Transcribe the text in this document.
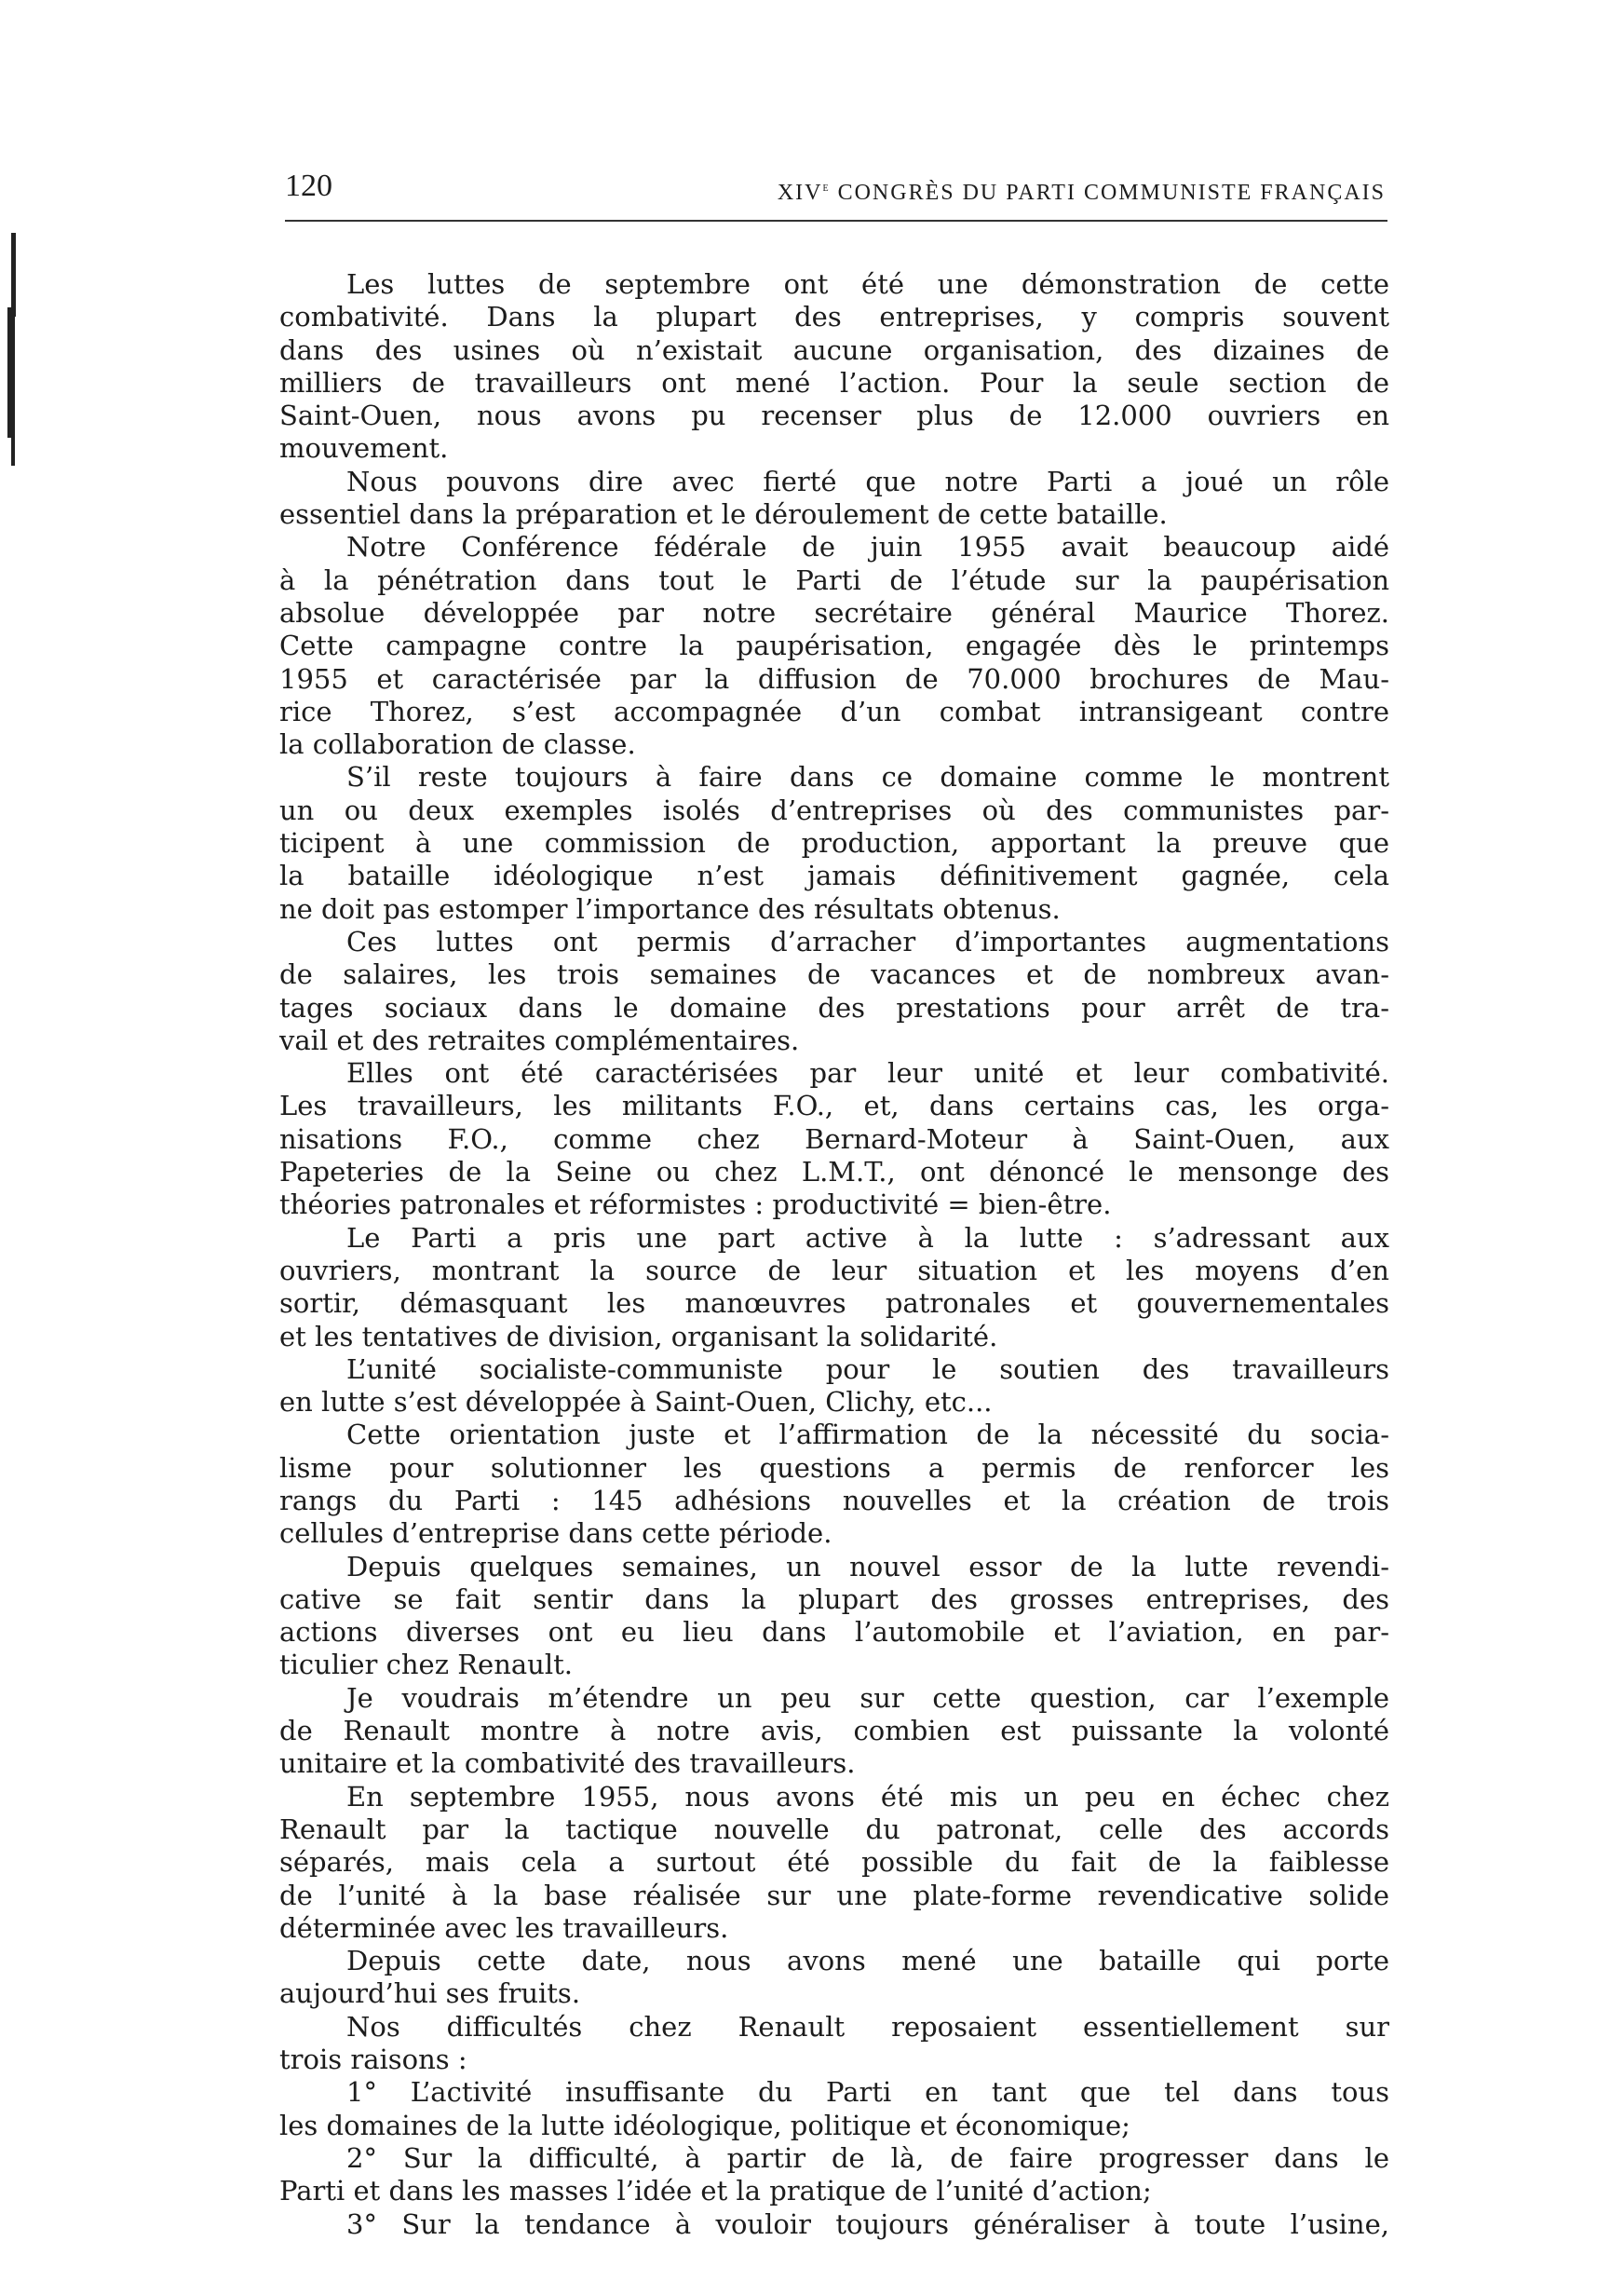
120	XIVe CONGRÈS DU PARTI COMMUNISTE FRANÇAIS
Les luttes de septembre ont été une démonstration de cette
combativité. Dans la plupart des entreprises, y compris souvent
dans des usines où n’existait aucune organisation, des dizaines de
milliers de travailleurs ont mené l’action. Pour la seule section de
Saint-Ouen, nous avons pu recenser plus de 12.000 ouvriers en
mouvement.
Nous pouvons dire avec fierté que notre Parti a joué un rôle
essentiel dans la préparation et le déroulement de cette bataille.
Notre Conférence fédérale de juin 1955 avait beaucoup aidé
à la pénétration dans tout le Parti de l’étude sur la paupérisation
absolue développée par notre secrétaire général Maurice Thorez.
Cette campagne contre la paupérisation, engagée dès le printemps
1955 et caractérisée par la diffusion de 70.000 brochures de Mau-
rice Thorez, s’est accompagnée d’un combat intransigeant contre
la collaboration de classe.
S’il reste toujours à faire dans ce domaine comme le montrent
un ou deux exemples isolés d’entreprises où des communistes par-
ticipent à une commission de production, apportant la preuve que
la bataille idéologique n’est jamais définitivement gagnée, cela
ne doit pas estomper l’importance des résultats obtenus.
Ces luttes ont permis d’arracher d’importantes augmentations
de salaires, les trois semaines de vacances et de nombreux avan-
tages sociaux dans le domaine des prestations pour arrêt de tra-
vail et des retraites complémentaires.
Elles ont été caractérisées par leur unité et leur combativité.
Les travailleurs, les militants F.O., et, dans certains cas, les orga-
nisations F.O., comme chez Bernard-Moteur à Saint-Ouen, aux
Papeteries de la Seine ou chez L.M.T., ont dénoncé le mensonge des
théories patronales et réformistes : productivité = bien-être.
Le Parti a pris une part active à la lutte : s’adressant aux
ouvriers, montrant la source de leur situation et les moyens d’en
sortir, démasquant les manœuvres patronales et gouvernementales
et les tentatives de division, organisant la solidarité.
L’unité socialiste-communiste pour le soutien des travailleurs
en lutte s’est développée à Saint-Ouen, Clichy, etc...
Cette orientation juste et l’affirmation de la nécessité du socia-
lisme pour solutionner les questions a permis de renforcer les
rangs du Parti : 145 adhésions nouvelles et la création de trois
cellules d’entreprise dans cette période.
Depuis quelques semaines, un nouvel essor de la lutte revendi-
cative se fait sentir dans la plupart des grosses entreprises, des
actions diverses ont eu lieu dans l’automobile et l’aviation, en par-
ticulier chez Renault.
Je voudrais m’étendre un peu sur cette question, car l’exemple
de Renault montre à notre avis, combien est puissante la volonté
unitaire et la combativité des travailleurs.
En septembre 1955, nous avons été mis un peu en échec chez
Renault par la tactique nouvelle du patronat, celle des accords
séparés, mais cela a surtout été possible du fait de la faiblesse
de l’unité à la base réalisée sur une plate-forme revendicative solide
déterminée avec les travailleurs.
Depuis cette date, nous avons mené une bataille qui porte
aujourd’hui ses fruits.
Nos difficultés chez Renault reposaient essentiellement sur
trois raisons :
1° L’activité insuffisante du Parti en tant que tel dans tous
les domaines de la lutte idéologique, politique et économique;
2° Sur la difficulté, à partir de là, de faire progresser dans le
Parti et dans les masses l’idée et la pratique de l’unité d’action;
3° Sur la tendance à vouloir toujours généraliser à toute l’usine,
